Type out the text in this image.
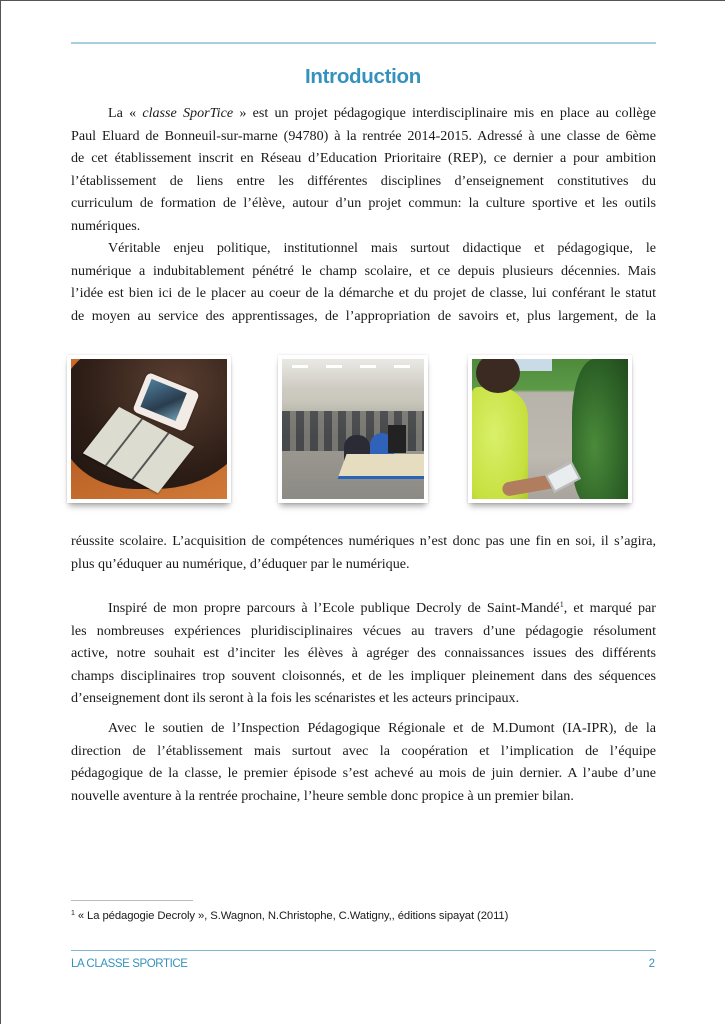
Introduction

La « classe SporTice » est un projet pédagogique interdisciplinaire mis en place au collège
Paul Eluard de Bonneuil-sur-marne (94780) à la rentrée 2014-2015. Adressé à une classe de 6ème
de cet établissement inscrit en Réseau d’Education Prioritaire (REP), ce dernier a pour ambition
l’établissement de liens entre les différentes disciplines d’enseignement constitutives du
curriculum de formation de l’élève, autour d’un projet commun: la culture sportive et les outils
numériques.

Véritable enjeu politique, institutionnel mais surtout didactique et pédagogique, le
numérique a indubitablement pénétré le champ scolaire, et ce depuis plusieurs décennies. Mais
l’idée est bien ici de le placer au coeur de la démarche et du projet de classe, lui conférant le statut
de moyen au service des apprentissages, de l’appropriation de savoirs et, plus largement, de la

réussite scolaire. L’acquisition de compétences numériques n’est donc pas une fin en soi, il s’agira,
plus qu’éduquer au numérique, d’éduquer par le numérique.

Inspiré de mon propre parcours à l’Ecole publique Decroly de Saint-Mandé$^1$, et marqué par
les nombreuses expériences pluridisciplinaires vécues au travers d’une pédagogie résolument
active, notre souhait est d’inciter les élèves à agréger des connaissances issues des différents
champs disciplinaires trop souvent cloisonnés, et de les impliquer pleinement dans des séquences
d’enseignement dont ils seront à la fois les scénaristes et les acteurs principaux.

Avec le soutien de l’Inspection Pédagogique Régionale et de M.Dumont (IA-IPR), de la
direction de l’établissement mais surtout avec la coopération et l’implication de l’équipe
pédagogique de la classe, le premier épisode s’est achevé au mois de juin dernier. A l’aube d’une
nouvelle aventure à la rentrée prochaine, l’heure semble donc propice à un premier bilan.

$^1$ « La pédagogie Decroly », S.Wagnon, N.Christophe, C.Watigny,, éditions sipayat (2011)
LA CLASSE SPORTICE	2
